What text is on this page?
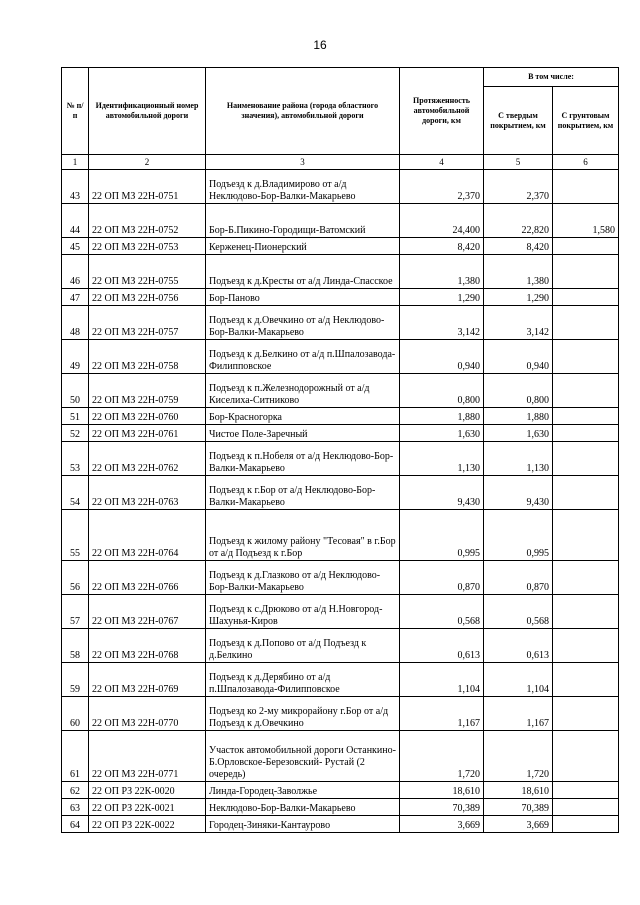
16
№ п/п	Идентификационный номер автомобильной дороги	Наименование района (города областного значения), автомобильной дороги	Протяженность автомобильной дороги, км	В том числе:	
				С твердым покрытием, км	С грунтовым покрытием, км
1	2	3	4	5	6
43	22 ОП МЗ 22Н-0751	Подъезд к д.Владимирово от а/д Неклюдово-Бор-Валки-Макарьево	2,370	2,370	
44	22 ОП МЗ 22Н-0752	Бор-Б.Пикино-Городищи-Ватомский	24,400	22,820	1,580
45	22 ОП МЗ 22Н-0753	Керженец-Пионерский	8,420	8,420	
46	22 ОП МЗ 22Н-0755	Подъезд к д.Кресты от а/д Линда-Спасское	1,380	1,380	
47	22 ОП МЗ 22Н-0756	Бор-Паново	1,290	1,290	
48	22 ОП МЗ 22Н-0757	Подъезд к д.Овечкино от а/д Неклюдово-Бор-Валки-Макарьево	3,142	3,142	
49	22 ОП МЗ 22Н-0758	Подъезд к д.Белкино от а/д п.Шпалозавода-Филипповское	0,940	0,940	
50	22 ОП МЗ 22Н-0759	Подъезд к п.Железнодорожный от а/д Киселиха-Ситниково	0,800	0,800	
51	22 ОП МЗ 22Н-0760	Бор-Красногорка	1,880	1,880	
52	22 ОП МЗ 22Н-0761	Чистое Поле-Заречный	1,630	1,630	
53	22 ОП МЗ 22Н-0762	Подъезд к п.Нобеля от а/д Неклюдово-Бор-Валки-Макарьево	1,130	1,130	
54	22 ОП МЗ 22Н-0763	Подъезд к г.Бор от а/д Неклюдово-Бор-Валки-Макарьево	9,430	9,430	
55	22 ОП МЗ 22Н-0764	Подъезд к жилому району "Тесовая" в г.Бор от а/д Подъезд к г.Бор	0,995	0,995	
56	22 ОП МЗ 22Н-0766	Подъезд к д.Глазково от а/д Неклюдово-Бор-Валки-Макарьево	0,870	0,870	
57	22 ОП МЗ 22Н-0767	Подъезд к с.Дрюково от а/д Н.Новгород-Шахунья-Киров	0,568	0,568	
58	22 ОП МЗ 22Н-0768	Подъезд к д.Попово от а/д Подъезд к д.Белкино	0,613	0,613	
59	22 ОП МЗ 22Н-0769	Подъезд к д.Дерябино от а/д п.Шпалозавода-Филипповское	1,104	1,104	
60	22 ОП МЗ 22Н-0770	Подъезд ко 2-му микрорайону г.Бор от а/д Подъезд к д.Овечкино	1,167	1,167	
61	22 ОП МЗ 22Н-0771	Участок автомобильной дороги Останкино-Б.Орловское-Березовский- Рустай (2 очередь)	1,720	1,720	
62	22 ОП РЗ 22К-0020	Линда-Городец-Заволжье	18,610	18,610	
63	22 ОП РЗ 22К-0021	Неклюдово-Бор-Валки-Макарьево	70,389	70,389	
64	22 ОП РЗ 22К-0022	Городец-Зиняки-Кантаурово	3,669	3,669	
